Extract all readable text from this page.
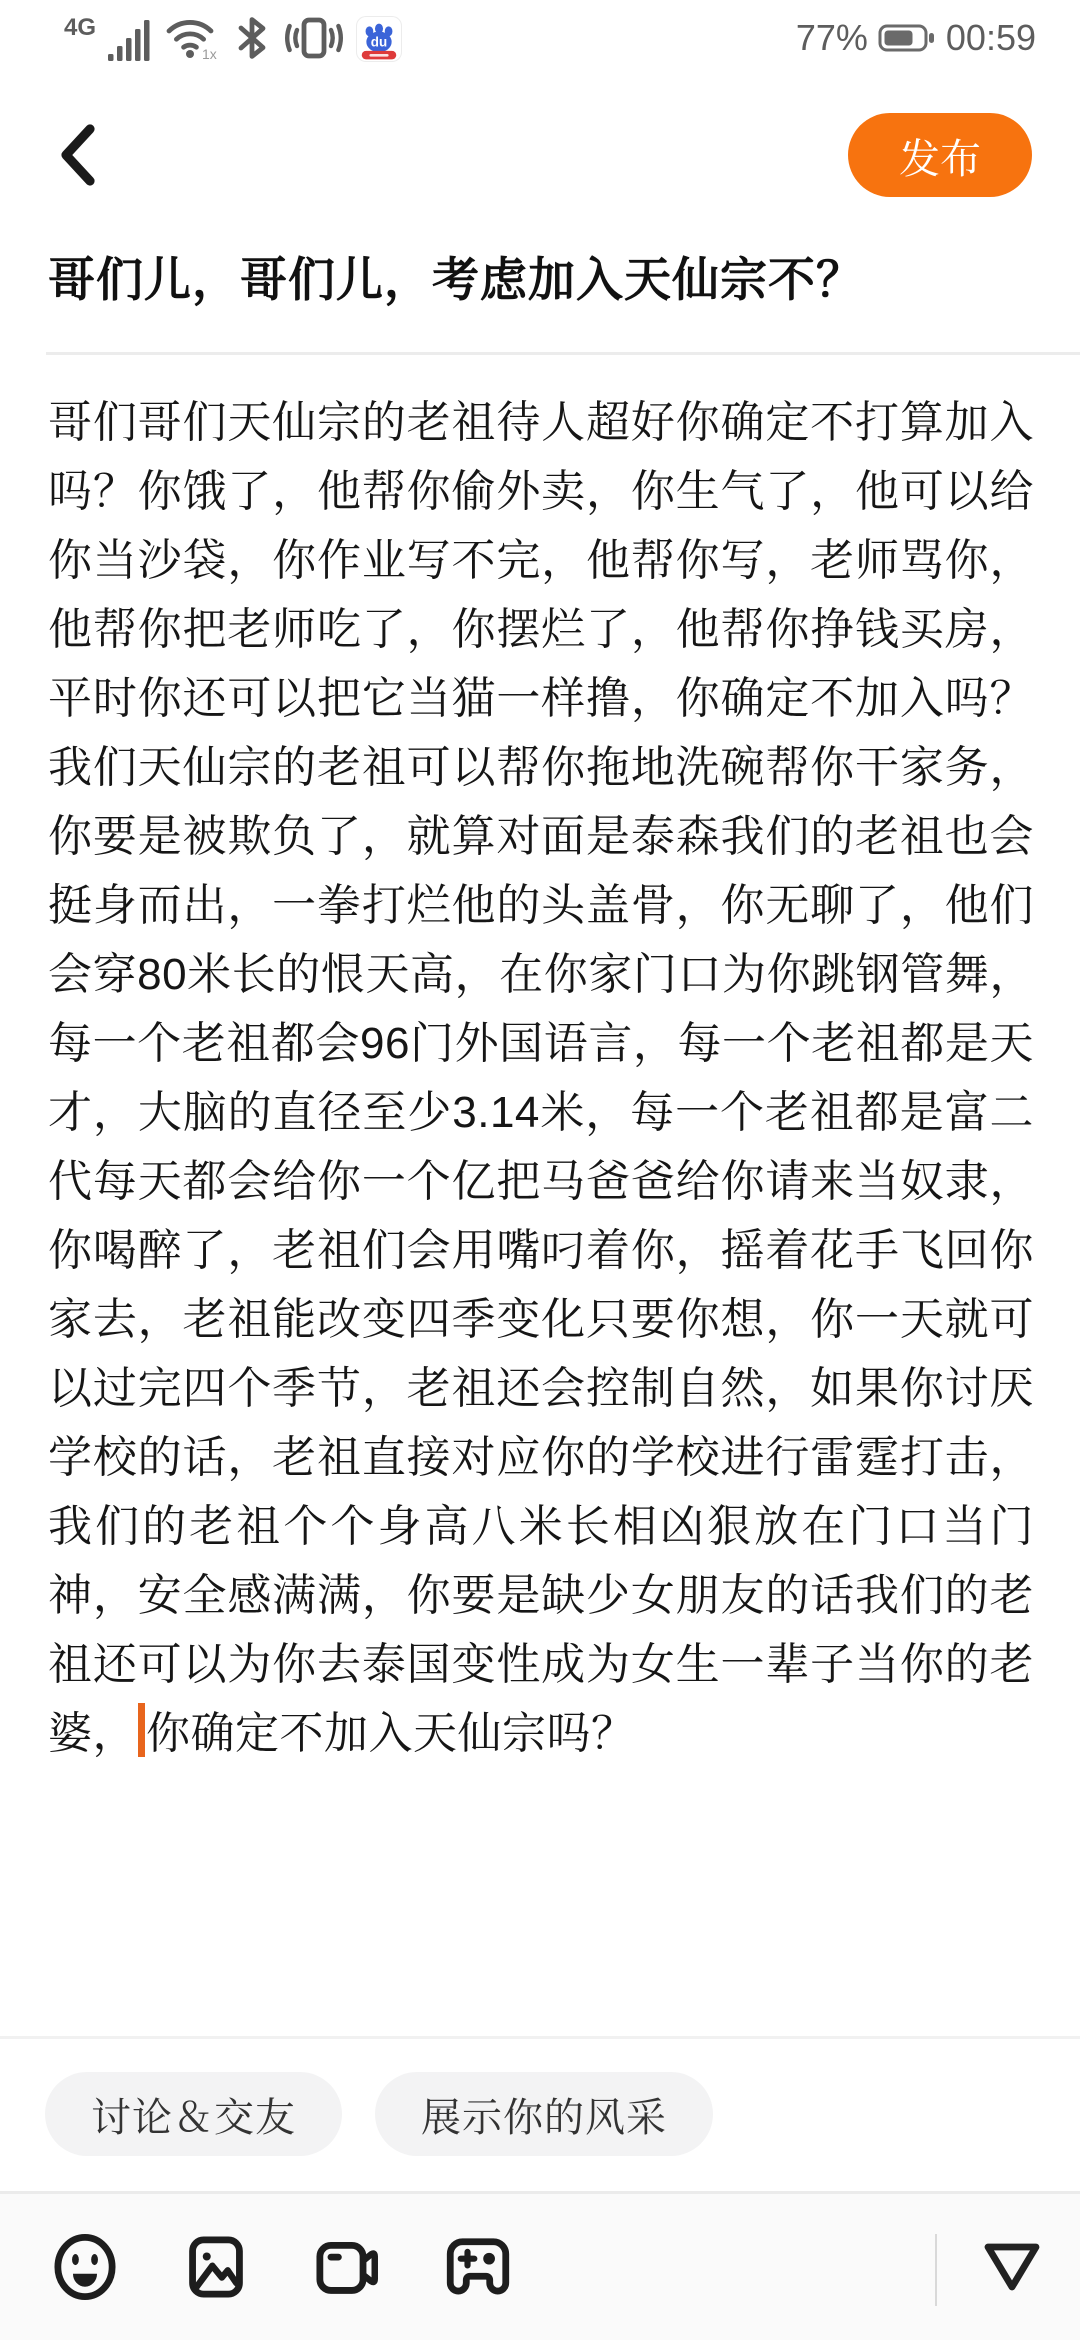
4G
1x
du	77% 00:59
发布
哥们儿，哥们儿，考虑加入天仙宗不？
哥们哥们天仙宗的老祖待人超好你确定不打算加入吗？你饿了，他帮你偷外卖，你生气了，他可以给你当沙袋，你作业写不完，他帮你写，老师骂你，他帮你把老师吃了，你摆烂了，他帮你挣钱买房，平时你还可以把它当猫一样撸，你确定不加入吗？我们天仙宗的老祖可以帮你拖地洗碗帮你干家务，你要是被欺负了，就算对面是泰森我们的老祖也会挺身而出，一拳打烂他的头盖骨，你无聊了，他们会穿80米长的恨天高，在你家门口为你跳钢管舞，每一个老祖都会96门外国语言，每一个老祖都是天才，大脑的直径至少3.14米，每一个老祖都是富二代每天都会给你一个亿把马爸爸给你请来当奴隶，你喝醉了，老祖们会用嘴叼着你，摇着花手飞回你家去，老祖能改变四季变化只要你想，你一天就可以过完四个季节，老祖还会控制自然，如果你讨厌学校的话，老祖直接对应你的学校进行雷霆打击，我们的老祖个个身高八米长相凶狠放在门口当门神，安全感满满，你要是缺少女朋友的话我们的老祖还可以为你去泰国变性成为女生一辈子当你的老婆， 你确定不加入天仙宗吗？
讨论＆交友	展示你的风采
